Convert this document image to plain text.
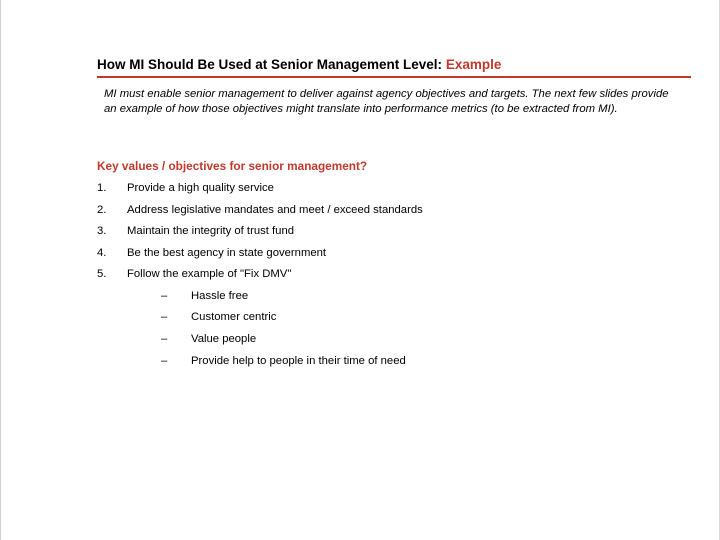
How MI Should Be Used at Senior Management Level: Example
MI must enable senior management to deliver against agency objectives and targets. The next few slides provide an example of how those objectives might translate into performance metrics (to be extracted from MI).
Key values / objectives for senior management?
1. Provide a high quality service
2. Address legislative mandates and meet / exceed standards
3. Maintain the integrity of trust fund
4. Be the best agency in state government
5. Follow the example of "Fix DMV"
– Hassle free
– Customer centric
– Value people
– Provide help to people in their time of need
